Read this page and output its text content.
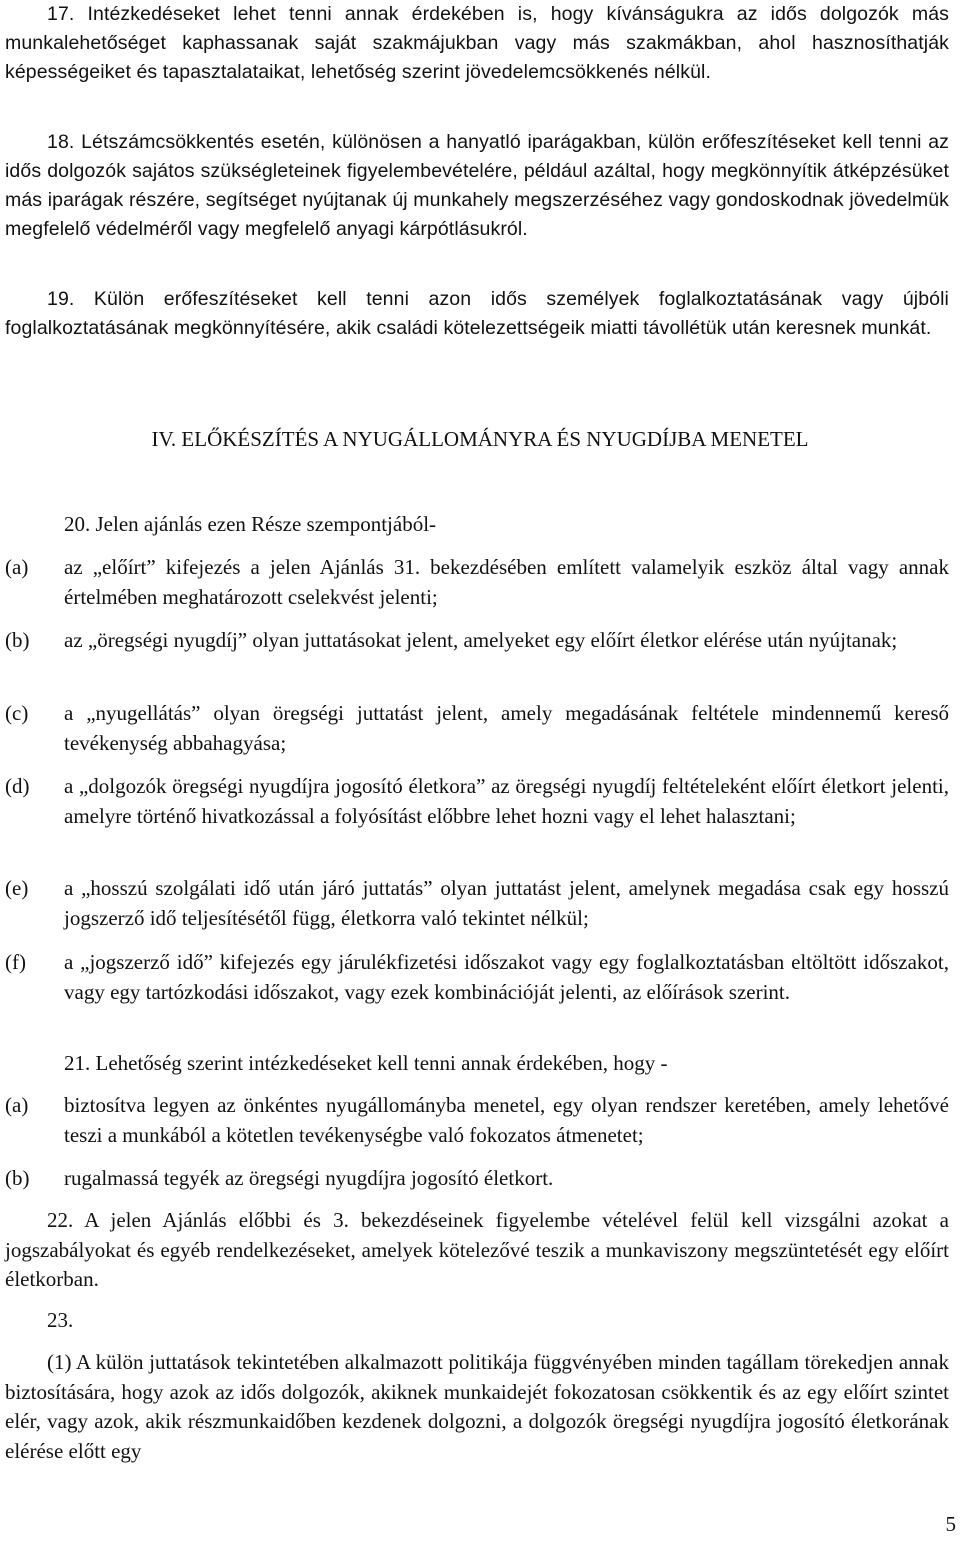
17. Intézkedéseket lehet tenni annak érdekében is, hogy kívánságukra az idős dolgozók más munkalehetőséget kaphassanak saját szakmájukban vagy más szakmákban, ahol hasznosíthatják képességeiket és tapasztalataikat, lehetőség szerint jövedelemcsökkenés nélkül.

18. Létszámcsökkentés esetén, különösen a hanyatló iparágakban, külön erőfeszítéseket kell tenni az idős dolgozók sajátos szükségleteinek figyelembevételére, például azáltal, hogy megkönnyítik átképzésüket más iparágak részére, segítséget nyújtanak új munkahely megszerzéséhez vagy gondoskodnak jövedelmük megfelelő védelméről vagy megfelelő anyagi kárpótlásukról.

19. Külön erőfeszítéseket kell tenni azon idős személyek foglalkoztatásának vagy újbóli foglalkoztatásának megkönnyítésére, akik családi kötelezettségeik miatti távollétük után keresnek munkát.

IV. ELŐKÉSZÍTÉS A NYUGÁLLOMÁNYRA ÉS NYUGDÍJBA MENETEL
20. Jelen ajánlás ezen Része szempontjából-
(a) az „előírt” kifejezés a jelen Ajánlás 31. bekezdésében említett valamelyik eszköz által vagy annak értelmében meghatározott cselekvést jelenti;
(b) az „öregségi nyugdíj” olyan juttatásokat jelent, amelyeket egy előírt életkor elérése után nyújtanak;
(c) a „nyugellátás” olyan öregségi juttatást jelent, amely megadásának feltétele mindennemű kereső tevékenység abbahagyása;
(d) a „dolgozók öregségi nyugdíjra jogosító életkora” az öregségi nyugdíj feltételeként előírt életkort jelenti, amelyre történő hivatkozással a folyósítást előbbre lehet hozni vagy el lehet halasztani;
(e) a „hosszú szolgálati idő után járó juttatás” olyan juttatást jelent, amelynek megadása csak egy hosszú jogszerző idő teljesítésétől függ, életkorra való tekintet nélkül;
(f) a „jogszerző idő” kifejezés egy járulékfizetési időszakot vagy egy foglalkoztatásban eltöltött időszakot, vagy egy tartózkodási időszakot, vagy ezek kombinációját jelenti, az előírások szerint.
21. Lehetőség szerint intézkedéseket kell tenni annak érdekében, hogy -
(a) biztosítva legyen az önkéntes nyugállományba menetel, egy olyan rendszer keretében, amely lehetővé teszi a munkából a kötetlen tevékenységbe való fokozatos átmenetet;
(b) rugalmassá tegyék az öregségi nyugdíjra jogosító életkort.

22. A jelen Ajánlás előbbi és 3. bekezdéseinek figyelembe vételével felül kell vizsgálni azokat a jogszabályokat és egyéb rendelkezéseket, amelyek kötelezővé teszik a munkaviszony megszüntetését egy előírt életkorban.

23.

(1) A külön juttatások tekintetében alkalmazott politikája függvényében minden tagállam törekedjen annak biztosítására, hogy azok az idős dolgozók, akiknek munkaidejét fokozatosan csökkentik és az egy előírt szintet elér, vagy azok, akik részmunkaidőben kezdenek dolgozni, a dolgozók öregségi nyugdíjra jogosító életkorának elérése előtt egy

5
